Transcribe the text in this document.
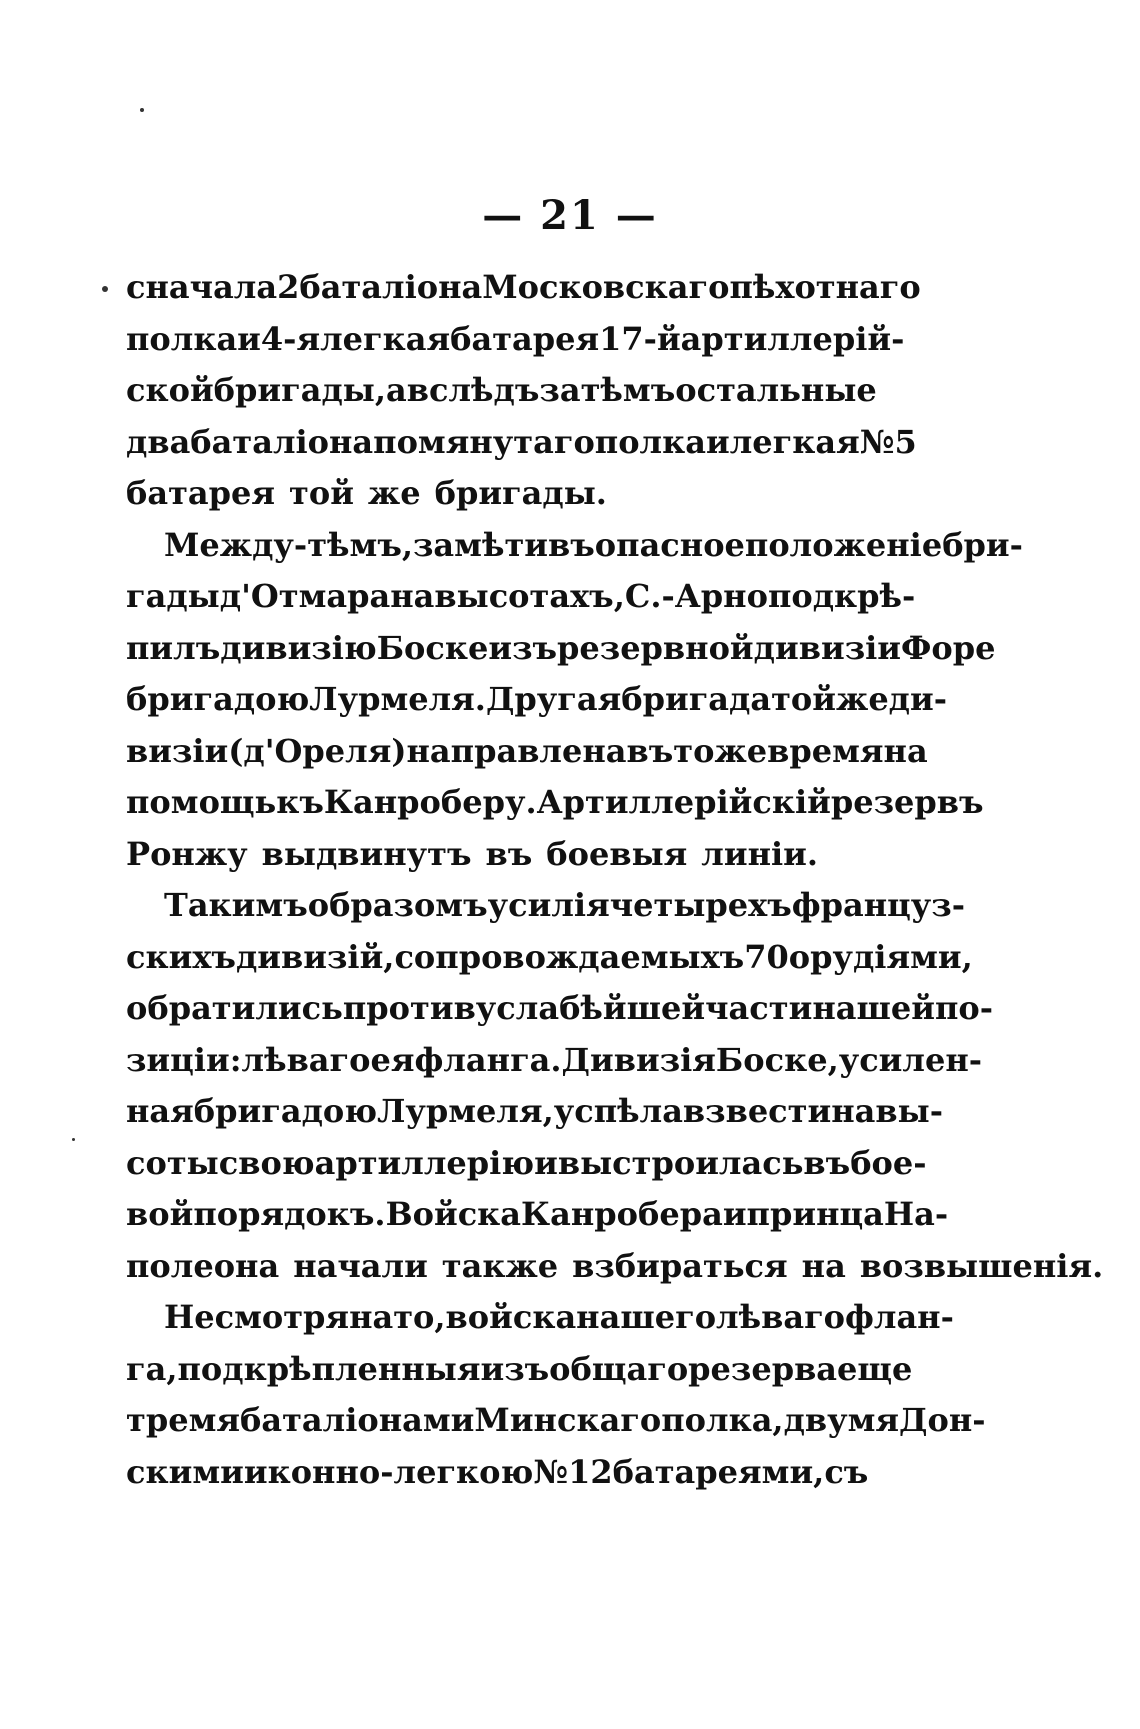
— 21 —
сначала 2 баталіона Московскаго пѣхотнаго
полка и 4-я легкая батарея 17-й артиллерій-
ской бригады, а вслѣдъ затѣмъ остальные
два баталіона помянутаго полка и легкая № 5
батарея той же бригады.
Между-тѣмъ, замѣтивъ опасное положеніе бри-
гады д'Отмара на высотахъ, С.-Арно подкрѣ-
пилъ дивизію Боске изъ резервной дивизіи Форе
бригадою Лурмеля. Другая бригада той же ди-
визіи (д'Ореля) направлена въ то же время на
помощь къ Канроберу. Артиллерійскій резервъ
Ронжу выдвинутъ въ боевыя линіи.
Такимъ образомъ усилія четырехъ француз-
скихъ дивизій, сопровождаемыхъ 70 орудіями,
обратились противу слабѣйшей части нашей по-
зиціи: лѣваго ея фланга. Дивизія Боске, усилен-
ная бригадою Лурмеля, успѣла взвести на вы-
соты свою артиллерію и выстроилась въ бое-
вой порядокъ. Войска Канробера и принца На-
полеона начали также взбираться на возвышенія.
Не смотря на то, войска нашего лѣваго флан-
га, подкрѣпленныя изъ общаго резерва еще
тремя баталіонами Минскаго полка, двумя Дон-
скими и конно-легкою № 12 батареями, съ
